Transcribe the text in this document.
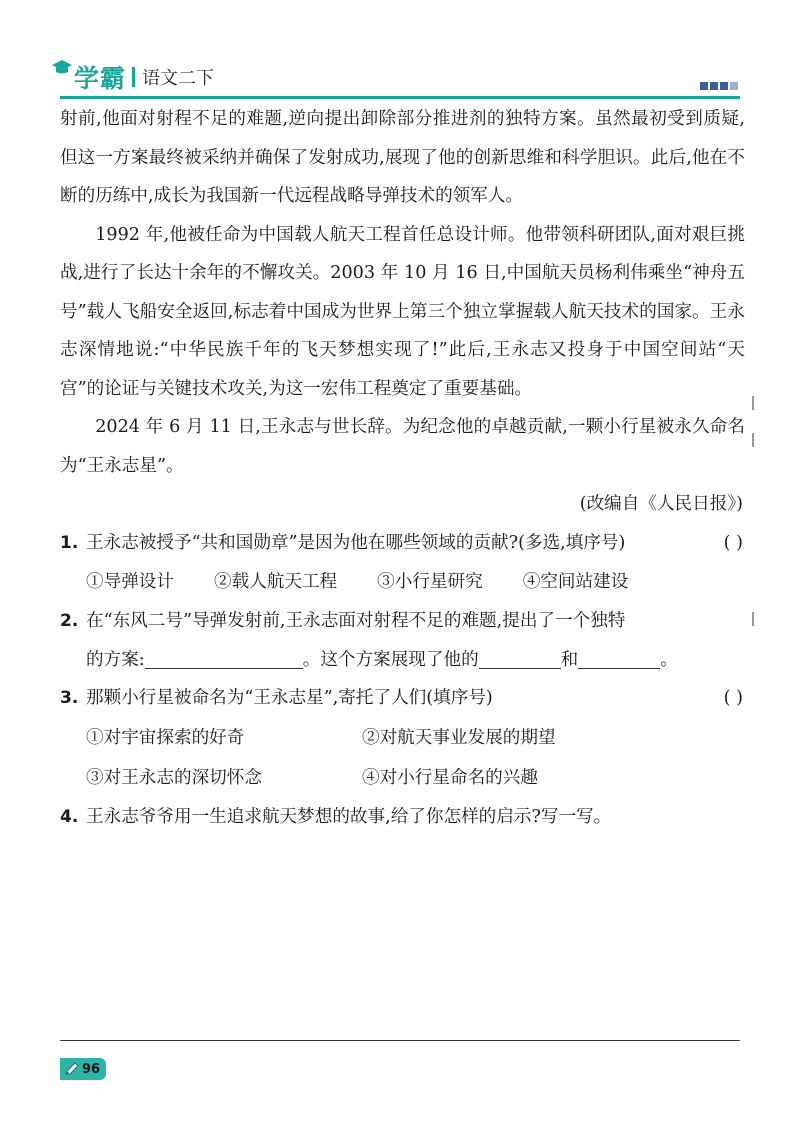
学霸 语文二下

射前,他面对射程不足的难题,逆向提出卸除部分推进剂的独特方案。虽然最初受到质疑,但这一方案最终被采纳并确保了发射成功,展现了他的创新思维和科学胆识。此后,他在不断的历练中,成长为我国新一代远程战略导弹技术的领军人。

1992 年,他被任命为中国载人航天工程首任总设计师。他带领科研团队,面对艰巨挑战,进行了长达十余年的不懈攻关。2003 年 10 月 16 日,中国航天员杨利伟乘坐“神舟五号”载人飞船安全返回,标志着中国成为世界上第三个独立掌握载人航天技术的国家。王永志深情地说:“中华民族千年的飞天梦想实现了!”此后,王永志又投身于中国空间站“天宫”的论证与关键技术攻关,为这一宏伟工程奠定了重要基础。

2024 年 6 月 11 日,王永志与世长辞。为纪念他的卓越贡献,一颗小行星被永久命名为“王永志星”。

(改编自《人民日报》)

1. 王永志被授予“共和国勋章”是因为他在哪些领域的贡献?(多选,填序号)	( )
①导弹设计 ②载人航天工程 ③小行星研究 ④空间站建设
2. 在“东风二号”导弹发射前,王永志面对射程不足的难题,提出了一个独特
的方案:	。这个方案展现了他的	和	。
3. 那颗小行星被命名为“王永志星”,寄托了人们(填序号)	( )
①对宇宙探索的好奇	②对航天事业发展的期望
③对王永志的深切怀念	④对小行星命名的兴趣
4. 王永志爷爷用一生追求航天梦想的故事,给了你怎样的启示?写一写。
96
